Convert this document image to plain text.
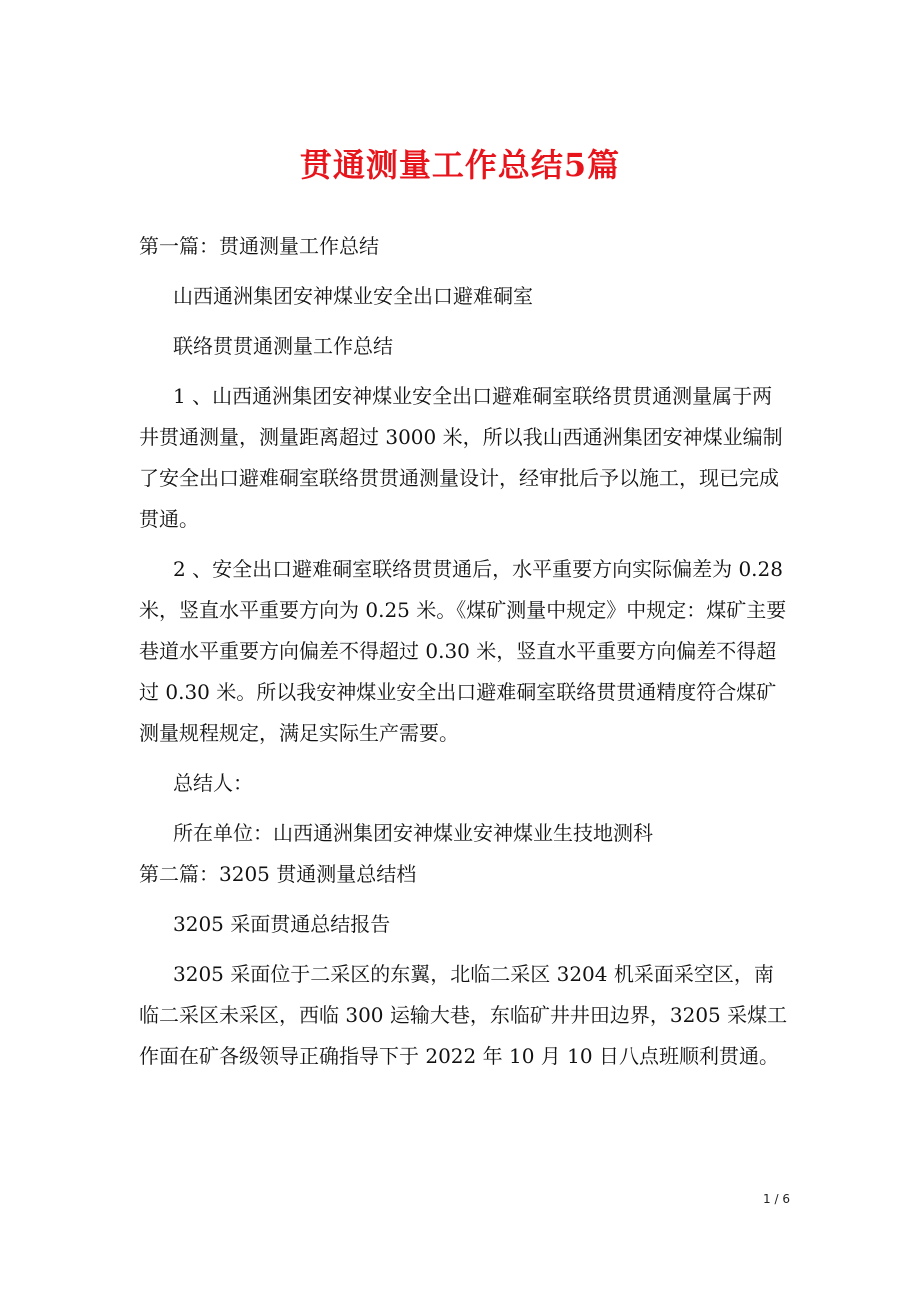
贯通测量工作总结5篇

第一篇：贯通测量工作总结

山西通洲集团安神煤业安全出口避难硐室

联络贯贯通测量工作总结

1 、山西通洲集团安神煤业安全出口避难硐室联络贯贯通测量属于两井贯通测量，测量距离超过 3000 米，所以我山西通洲集团安神煤业编制了安全出口避难硐室联络贯贯通测量设计，经审批后予以施工，现已完成贯通。

2 、安全出口避难硐室联络贯贯通后，水平重要方向实际偏差为 0.28 米，竖直水平重要方向为 0.25 米。《煤矿测量中规定》中规定：煤矿主要巷道水平重要方向偏差不得超过 0.30 米，竖直水平重要方向偏差不得超过 0.30 米。所以我安神煤业安全出口避难硐室联络贯贯通精度符合煤矿测量规程规定，满足实际生产需要。

总结人：

所在单位：山西通洲集团安神煤业安神煤业生技地测科

第二篇：3205 贯通测量总结档

3205 采面贯通总结报告

3205 采面位于二采区的东翼，北临二采区 3204 机采面采空区，南临二采区未采区，西临 300 运输大巷，东临矿井井田边界，3205 采煤工作面在矿各级领导正确指导下于 2022 年 10 月 10 日八点班顺利贯通。

1 / 6
